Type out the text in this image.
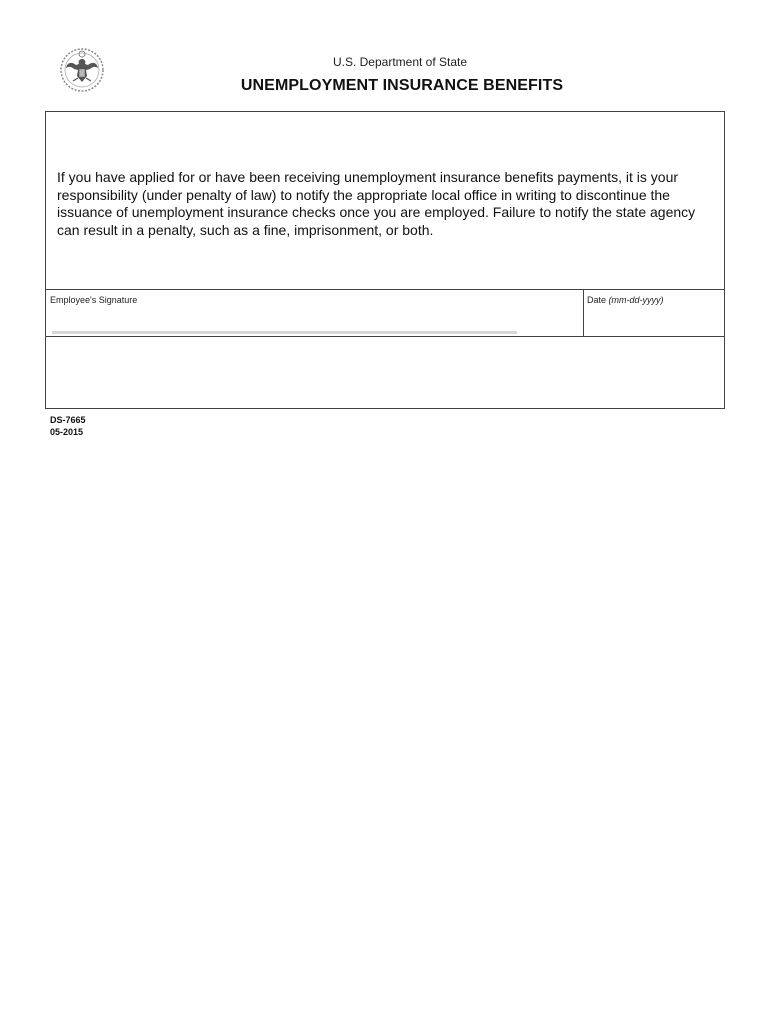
U.S. Department of State
UNEMPLOYMENT INSURANCE BENEFITS
If you have applied for or have been receiving unemployment insurance benefits payments, it is your responsibility (under penalty of law) to notify the appropriate local office in writing to discontinue the issuance of unemployment insurance checks once you are employed. Failure to notify the state agency can result in a penalty, such as a fine, imprisonment, or both.
Employee's Signature	Date (mm-dd-yyyy)
DS-7665
05-2015
